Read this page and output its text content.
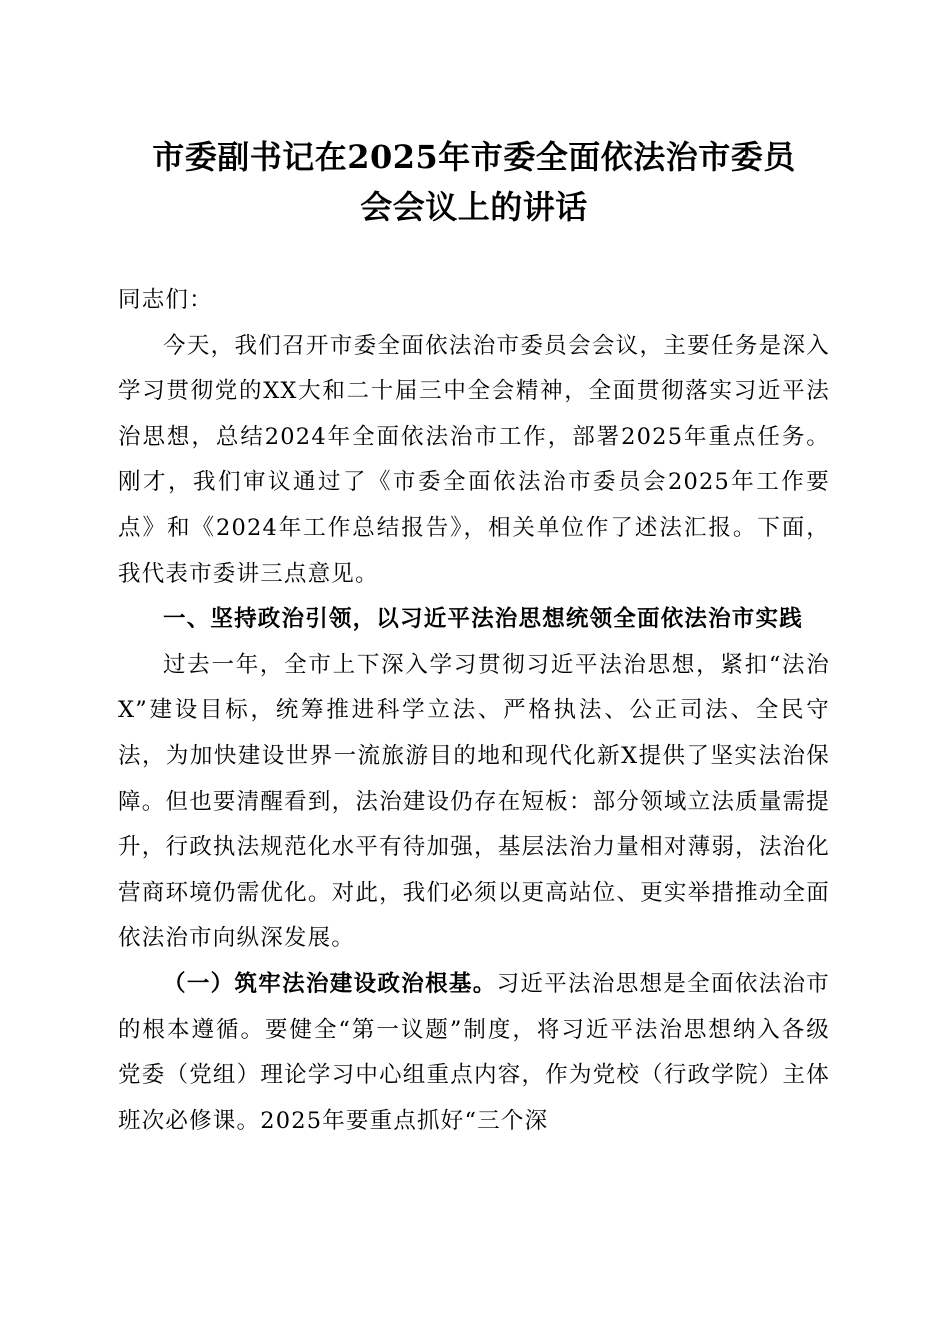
市委副书记在2025年市委全面依法治市委员
会会议上的讲话

同志们：

今天，我们召开市委全面依法治市委员会会议，主要任务是深入学习贯彻党的XX大和二十届三中全会精神，全面贯彻落实习近平法治思想，总结2024年全面依法治市工作，部署2025年重点任务。刚才，我们审议通过了《市委全面依法治市委员会2025年工作要点》和《2024年工作总结报告》，相关单位作了述法汇报。下面，我代表市委讲三点意见。

一、坚持政治引领，以习近平法治思想统领全面依法治市实践

过去一年，全市上下深入学习贯彻习近平法治思想，紧扣“法治X”建设目标，统筹推进科学立法、严格执法、公正司法、全民守法，为加快建设世界一流旅游目的地和现代化新X提供了坚实法治保障。但也要清醒看到，法治建设仍存在短板：部分领域立法质量需提升，行政执法规范化水平有待加强，基层法治力量相对薄弱，法治化营商环境仍需优化。对此，我们必须以更高站位、更实举措推动全面依法治市向纵深发展。

（一）筑牢法治建设政治根基。习近平法治思想是全面依法治市的根本遵循。要健全“第一议题”制度，将习近平法治思想纳入各级党委（党组）理论学习中心组重点内容，作为党校（行政学院）主体班次必修课。2025年要重点抓好“三个深
